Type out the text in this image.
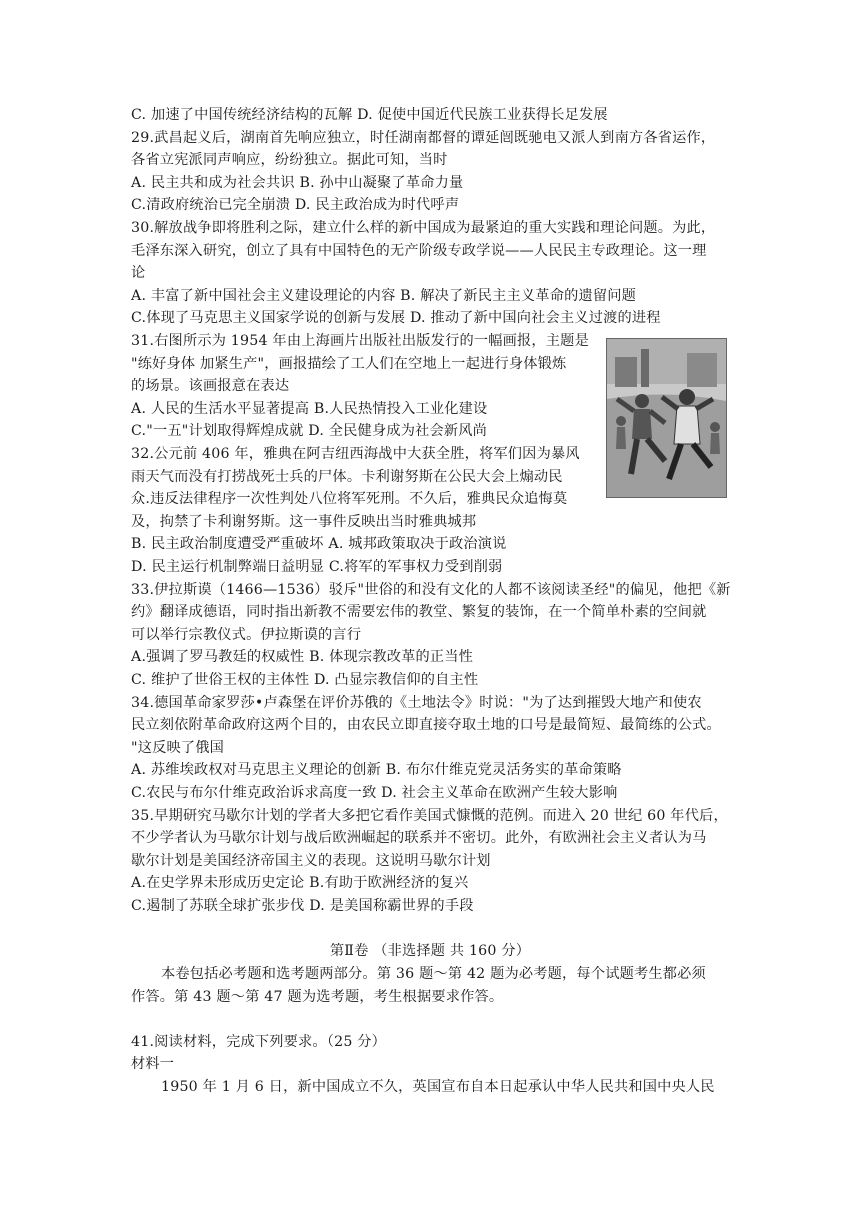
C. 加速了中国传统经济结构的瓦解 D. 促使中国近代民族工业获得长足发展
29.武昌起义后，湖南首先响应独立，时任湖南都督的谭延闿既驰电又派人到南方各省运作，
各省立宪派同声响应，纷纷独立。据此可知，当时
A. 民主共和成为社会共识 B. 孙中山凝聚了革命力量
C.清政府统治已完全崩溃 D. 民主政治成为时代呼声
30.解放战争即将胜利之际，建立什么样的新中国成为最紧迫的重大实践和理论问题。为此，
毛泽东深入研究，创立了具有中国特色的无产阶级专政学说——人民民主专政理论。这一理
论
A. 丰富了新中国社会主义建设理论的内容 B. 解决了新民主主义革命的遗留问题
C.体现了马克思主义国家学说的创新与发展 D. 推动了新中国向社会主义过渡的进程
31.右图所示为 1954 年由上海画片出版社出版发行的一幅画报，主题是
"练好身体 加紧生产"，画报描绘了工人们在空地上一起进行身体锻炼
的场景。该画报意在表达
A. 人民的生活水平显著提高 B.人民热情投入工业化建设
C."一五"计划取得辉煌成就 D. 全民健身成为社会新风尚
32.公元前 406 年，雅典在阿吉纽西海战中大获全胜，将军们因为暴风
雨天气而没有打捞战死士兵的尸体。卡利谢努斯在公民大会上煽动民
众.违反法律程序一次性判处八位将军死刑。不久后，雅典民众追悔莫
及，拘禁了卡利谢努斯。这一事件反映出当时雅典城邦
B. 民主政治制度遭受严重破坏 A. 城邦政策取决于政治演说
D. 民主运行机制弊端日益明显 C.将军的军事权力受到削弱
33.伊拉斯谟（1466—1536）驳斥"世俗的和没有文化的人都不该阅读圣经"的偏见，他把《新
约》翻译成德语，同时指出新教不需要宏伟的教堂、繁复的装饰，在一个简单朴素的空间就
可以举行宗教仪式。伊拉斯谟的言行
A.强调了罗马教廷的权威性 B. 体现宗教改革的正当性
C. 维护了世俗王权的主体性 D. 凸显宗教信仰的自主性
34.德国革命家罗莎•卢森堡在评价苏俄的《土地法令》时说："为了达到摧毁大地产和使农
民立刻依附革命政府这两个目的，由农民立即直接夺取土地的口号是最简短、最简练的公式。
"这反映了俄国
A. 苏维埃政权对马克思主义理论的创新 B. 布尔什维克党灵活务实的革命策略
C.农民与布尔什维克政治诉求高度一致 D. 社会主义革命在欧洲产生较大影响
35.早期研究马歇尔计划的学者大多把它看作美国式慷慨的范例。而进入 20 世纪 60 年代后，
不少学者认为马歇尔计划与战后欧洲崛起的联系并不密切。此外，有欧洲社会主义者认为马
歇尔计划是美国经济帝国主义的表现。这说明马歇尔计划
A.在史学界未形成历史定论 B.有助于欧洲经济的复兴
C.遏制了苏联全球扩张步伐 D. 是美国称霸世界的手段
第Ⅱ卷 （非选择题 共 160 分）
本卷包括必考题和选考题两部分。第 36 题～第 42 题为必考题，每个试题考生都必须
作答。第 43 题～第 47 题为选考题，考生根据要求作答。
41.阅读材料，完成下列要求。（25 分）
材料一
1950 年 1 月 6 日，新中国成立不久，英国宣布自本日起承认中华人民共和国中央人民
